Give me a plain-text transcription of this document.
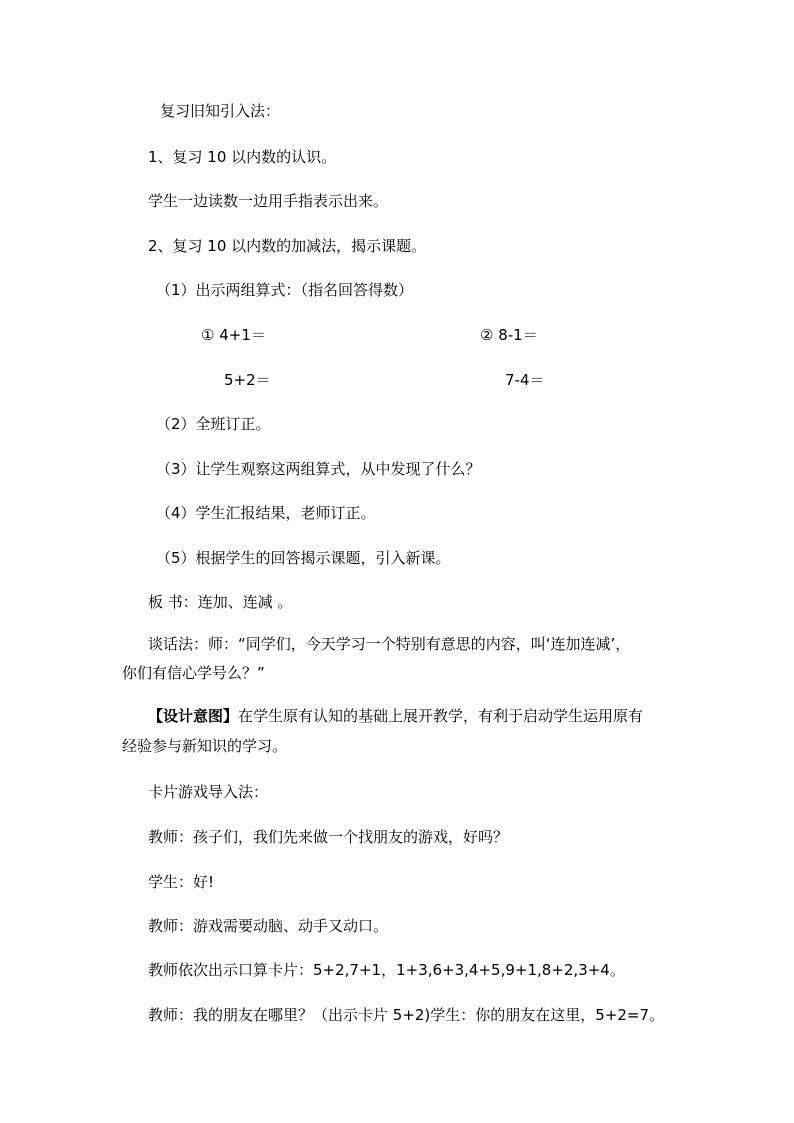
复习旧知引入法：
1、复习 10 以内数的认识。
学生一边读数一边用手指表示出来。
2、复习 10 以内数的加减法，揭示课题。
（1）出示两组算式：（指名回答得数）
① 4+1＝	② 8-1＝
5+2＝	7-4＝
（2）全班订正。
（3）让学生观察这两组算式，从中发现了什么？
（4）学生汇报结果，老师订正。
（5）根据学生的回答揭示课题，引入新课。
板 书：连加、连减 。
谈话法：师：“同学们，今天学习一个特别有意思的内容，叫‘连加连减’，
你们有信心学号么？”
【设计意图】在学生原有认知的基础上展开教学，有利于启动学生运用原有
经验参与新知识的学习。
卡片游戏导入法：
教师：孩子们，我们先来做一个找朋友的游戏，好吗？
学生：好!
教师：游戏需要动脑、动手又动口。
教师依次出示口算卡片：5+2,7+1，1+3,6+3,4+5,9+1,8+2,3+4。
教师：我的朋友在哪里？（出示卡片 5+2)学生：你的朋友在这里，5+2=7。
